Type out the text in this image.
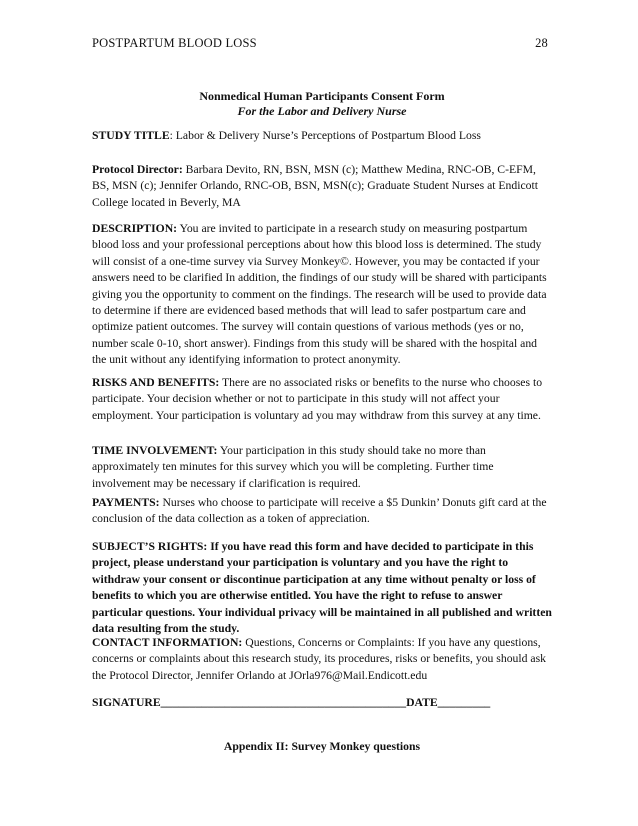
POSTPARTUM BLOOD LOSS	28
Nonmedical Human Participants Consent Form
For the Labor and Delivery Nurse
STUDY TITLE: Labor & Delivery Nurse’s Perceptions of Postpartum Blood Loss
Protocol Director: Barbara Devito, RN, BSN, MSN (c); Matthew Medina, RNC-OB, C-EFM, BS, MSN (c); Jennifer Orlando, RNC-OB, BSN, MSN(c); Graduate Student Nurses at Endicott College located in Beverly, MA
DESCRIPTION: You are invited to participate in a research study on measuring postpartum blood loss and your professional perceptions about how this blood loss is determined. The study will consist of a one-time survey via Survey Monkey©. However, you may be contacted if your answers need to be clarified In addition, the findings of our study will be shared with participants giving you the opportunity to comment on the findings. The research will be used to provide data to determine if there are evidenced based methods that will lead to safer postpartum care and optimize patient outcomes. The survey will contain questions of various methods (yes or no, number scale 0-10, short answer). Findings from this study will be shared with the hospital and the unit without any identifying information to protect anonymity.
RISKS AND BENEFITS: There are no associated risks or benefits to the nurse who chooses to participate. Your decision whether or not to participate in this study will not affect your employment. Your participation is voluntary ad you may withdraw from this survey at any time.
TIME INVOLVEMENT: Your participation in this study should take no more than approximately ten minutes for this survey which you will be completing. Further time involvement may be necessary if clarification is required.
PAYMENTS: Nurses who choose to participate will receive a $5 Dunkin’ Donuts gift card at the conclusion of the data collection as a token of appreciation.
SUBJECT’S RIGHTS: If you have read this form and have decided to participate in this project, please understand your participation is voluntary and you have the right to withdraw your consent or discontinue participation at any time without penalty or loss of benefits to which you are otherwise entitled. You have the right to refuse to answer particular questions. Your individual privacy will be maintained in all published and written data resulting from the study.
CONTACT INFORMATION: Questions, Concerns or Complaints: If you have any questions, concerns or complaints about this research study, its procedures, risks or benefits, you should ask the Protocol Director, Jennifer Orlando at JOrla976@Mail.Endicott.edu
SIGNATURE__________________________________________DATE_________
Appendix II: Survey Monkey questions
